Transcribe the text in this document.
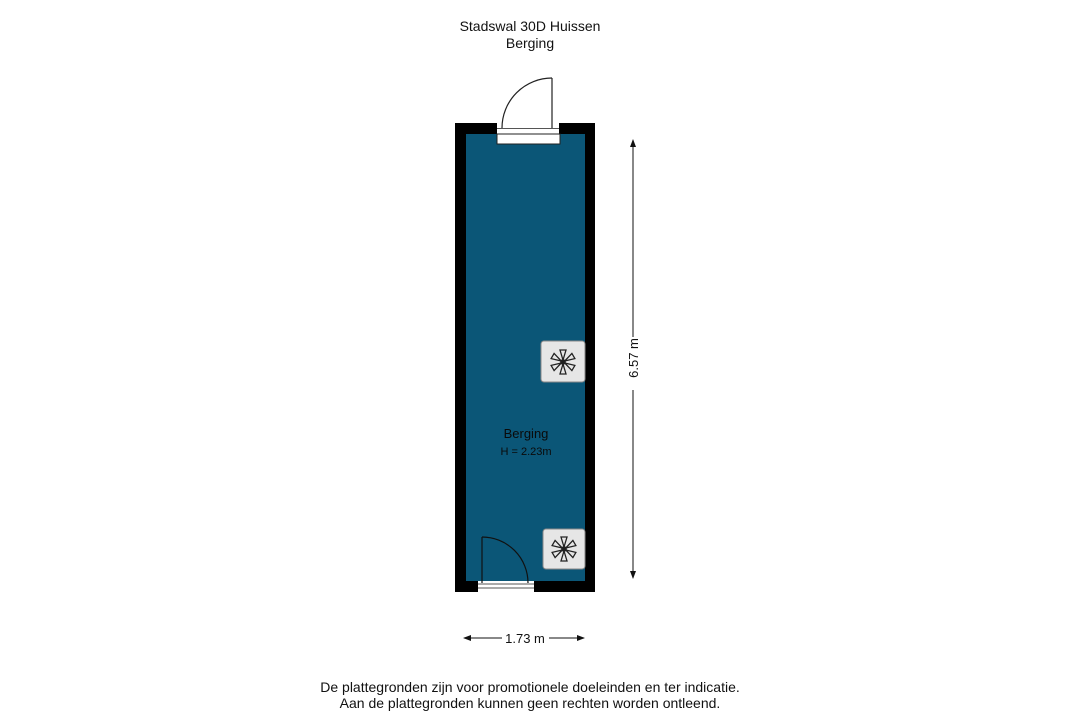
Stadswal 30D Huissen
Berging
Berging
H = 2.23m
6.57 m
1.73 m
De plattegronden zijn voor promotionele doeleinden en ter indicatie.
Aan de plattegronden kunnen geen rechten worden ontleend.
